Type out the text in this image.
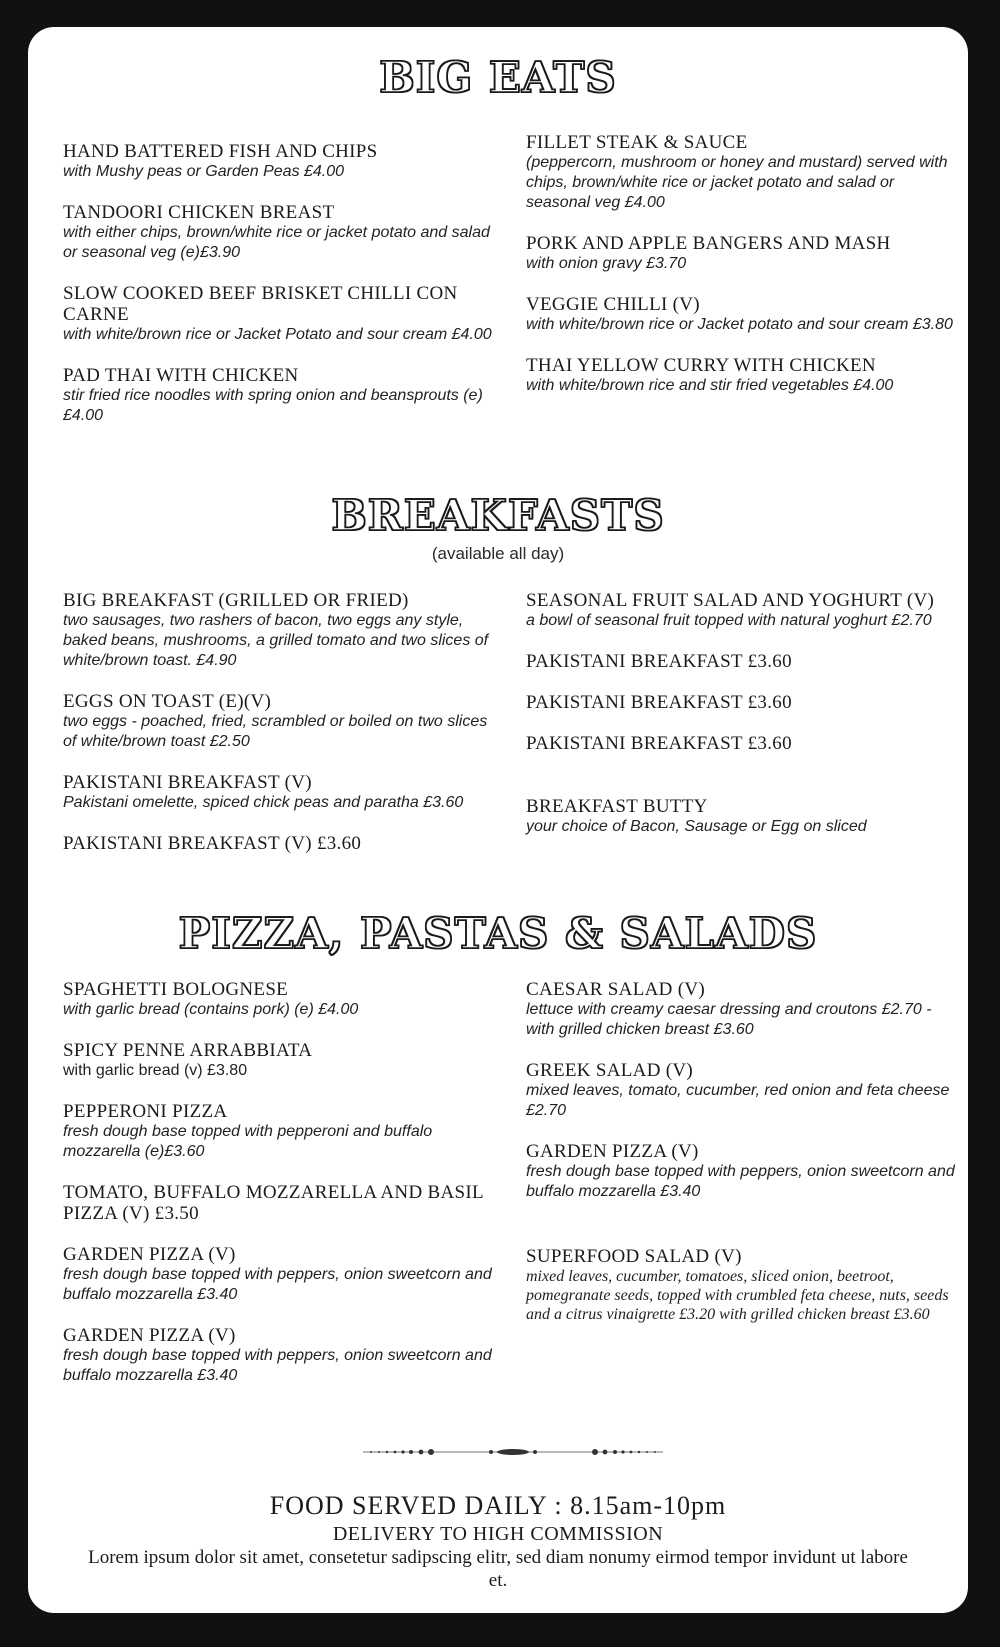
BIG EATS
HAND BATTERED FISH AND CHIPS
with Mushy peas or Garden Peas £4.00
TANDOORI CHICKEN BREAST
with either chips, brown/white rice or jacket potato and salad or seasonal veg (e)£3.90
SLOW COOKED BEEF BRISKET CHILLI CON CARNE
with white/brown rice or Jacket Potato and sour cream £4.00
PAD THAI WITH CHICKEN
stir fried rice noodles with spring onion and beansprouts (e)£4.00
FILLET STEAK & SAUCE
(peppercorn, mushroom or honey and mustard) served with chips, brown/white rice or jacket potato and salad or seasonal veg £4.00
PORK AND APPLE BANGERS AND MASH
with onion gravy £3.70
VEGGIE CHILLI (V)
with white/brown rice or Jacket potato and sour cream £3.80
THAI YELLOW CURRY WITH CHICKEN
with white/brown rice and stir fried vegetables £4.00
BREAKFASTS
(available all day)
BIG BREAKFAST (GRILLED OR FRIED)
two sausages, two rashers of bacon, two eggs any style, baked beans, mushrooms, a grilled tomato and two slices of white/brown toast. £4.90
EGGS ON TOAST (E)(V)
two eggs - poached, fried, scrambled or boiled on two slices of white/brown toast £2.50
PAKISTANI BREAKFAST (V)
Pakistani omelette, spiced chick peas and paratha £3.60
PAKISTANI BREAKFAST (V) £3.60
SEASONAL FRUIT SALAD AND YOGHURT (V)
a bowl of seasonal fruit topped with natural yoghurt £2.70
PAKISTANI BREAKFAST £3.60
PAKISTANI BREAKFAST £3.60
PAKISTANI BREAKFAST £3.60
BREAKFAST BUTTY
your choice of Bacon, Sausage or Egg on sliced
PIZZA, PASTAS & SALADS
SPAGHETTI BOLOGNESE
with garlic bread (contains pork) (e) £4.00
SPICY PENNE ARRABBIATA
with garlic bread (v) £3.80
PEPPERONI PIZZA
fresh dough base topped with pepperoni and buffalo mozzarella (e)£3.60
TOMATO, BUFFALO MOZZARELLA AND BASIL PIZZA (V) £3.50
GARDEN PIZZA (V)
fresh dough base topped with peppers, onion sweetcorn and buffalo mozzarella £3.40
GARDEN PIZZA (V)
fresh dough base topped with peppers, onion sweetcorn and buffalo mozzarella £3.40
CAESAR SALAD (V)
lettuce with creamy caesar dressing and croutons £2.70 - with grilled chicken breast £3.60
GREEK SALAD (V)
mixed leaves, tomato, cucumber, red onion and feta cheese £2.70
GARDEN PIZZA (V)
fresh dough base topped with peppers, onion sweetcorn and buffalo mozzarella £3.40
SUPERFOOD SALAD (V)
mixed leaves, cucumber, tomatoes, sliced onion, beetroot, pomegranate seeds, topped with crumbled feta cheese, nuts, seeds and a citrus vinaigrette £3.20 with grilled chicken breast £3.60
FOOD SERVED DAILY : 8.15am-10pm
DELIVERY TO HIGH COMMISSION
Lorem ipsum dolor sit amet, consetetur sadipscing elitr, sed diam nonumy eirmod tempor invidunt ut labore et.
